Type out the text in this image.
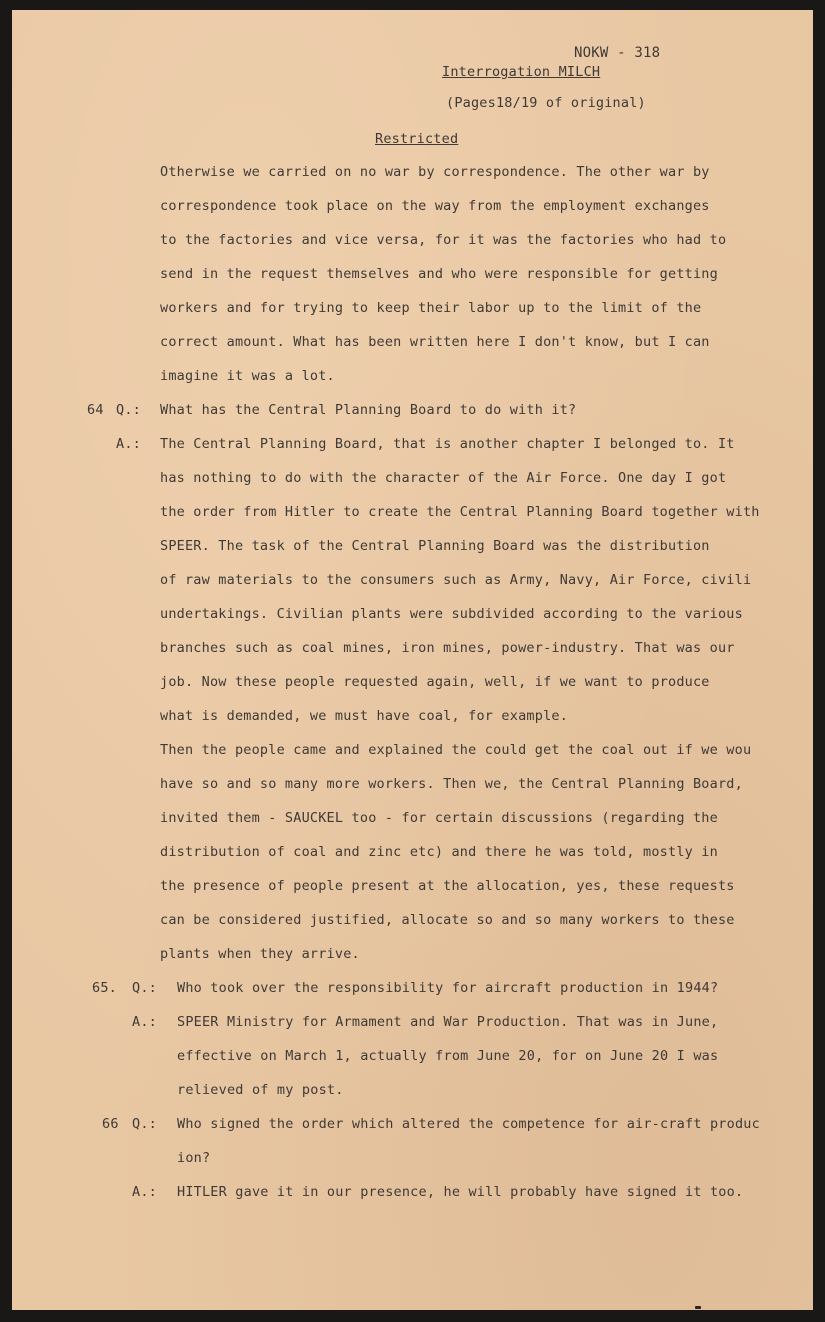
NOKW - 318
Interrogation MILCH
(Pages18/19 of original)
Restricted
Otherwise we carried on no war by correspondence. The other war by
correspondence took place on the way from the employment exchanges
to the factories and vice versa, for it was the factories who had to
send in the request themselves and who were responsible for getting
workers and for trying to keep their labor up to the limit of the
correct amount. What has been written here I don't know, but I can
imagine it was a lot.
64 Q.: What has the Central Planning Board to do with it?
A.: The Central Planning Board, that is another chapter I belonged to. It
has nothing to do with the character of the Air Force. One day I got
the order from Hitler to create the Central Planning Board together with
SPEER. The task of the Central Planning Board was the distribution
of raw materials to the consumers such as Army, Navy, Air Force, civili
undertakings. Civilian plants were subdivided according to the various
branches such as coal mines, iron mines, power-industry. That was our
job. Now these people requested again, well, if we want to produce
what is demanded, we must have coal, for example.
Then the people came and explained the could get the coal out if we wou
have so and so many more workers. Then we, the Central Planning Board,
invited them - SAUCKEL too - for certain discussions (regarding the
distribution of coal and zinc etc) and there he was told, mostly in
the presence of people present at the allocation, yes, these requests
can be considered justified, allocate so and so many workers to these
plants when they arrive.
65. Q.: Who took over the responsibility for aircraft production in 1944?
A.: SPEER Ministry for Armament and War Production. That was in June,
effective on March 1, actually from June 20, for on June 20 I was
relieved of my post.
66 Q.: Who signed the order which altered the competence for air-craft produc
ion?
A.: HITLER gave it in our presence, he will probably have signed it too.
